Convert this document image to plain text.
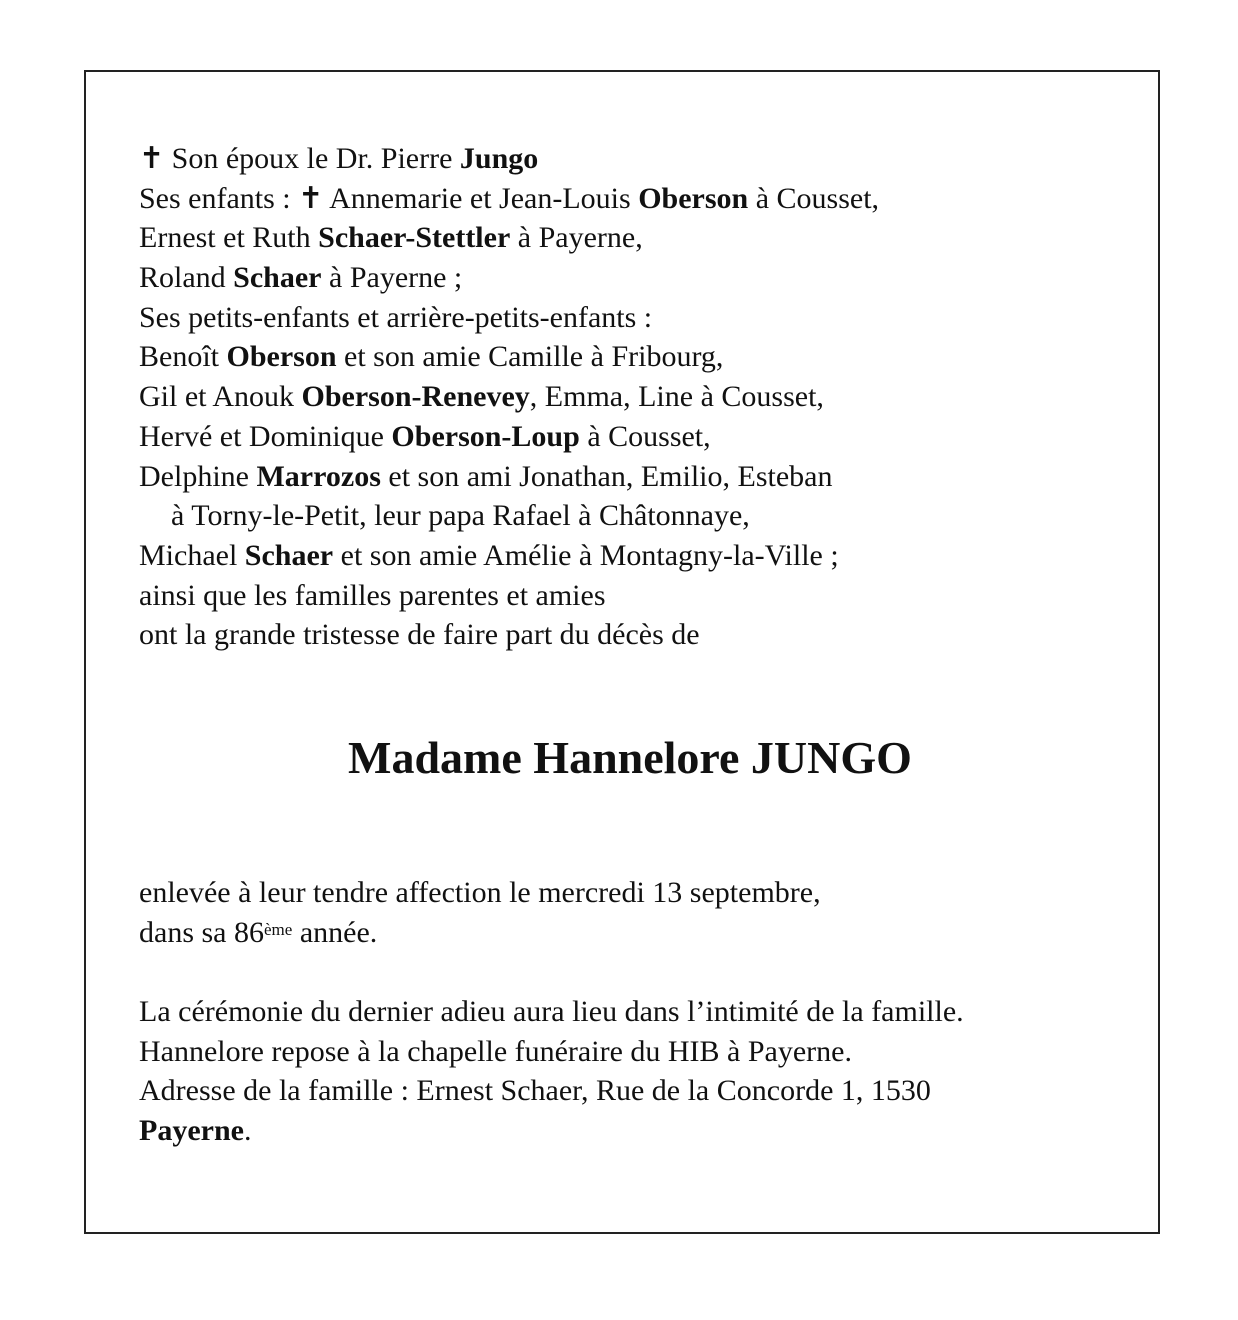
✝ Son époux le Dr. Pierre Jungo
Ses enfants : ✝ Annemarie et Jean-Louis Oberson à Cousset,
Ernest et Ruth Schaer-Stettler à Payerne,
Roland Schaer à Payerne ;
Ses petits-enfants et arrière-petits-enfants :
Benoît Oberson et son amie Camille à Fribourg,
Gil et Anouk Oberson-Renevey, Emma, Line à Cousset,
Hervé et Dominique Oberson-Loup à Cousset,
Delphine Marrozos et son ami Jonathan, Emilio, Esteban
à Torny-le-Petit, leur papa Rafael à Châtonnaye,
Michael Schaer et son amie Amélie à Montagny-la-Ville ;
ainsi que les familles parentes et amies
ont la grande tristesse de faire part du décès de
Madame Hannelore JUNGO
enlevée à leur tendre affection le mercredi 13 septembre,
dans sa 86ème année.
La cérémonie du dernier adieu aura lieu dans l’intimité de la famille.
Hannelore repose à la chapelle funéraire du HIB à Payerne.
Adresse de la famille : Ernest Schaer, Rue de la Concorde 1, 1530
Payerne.
